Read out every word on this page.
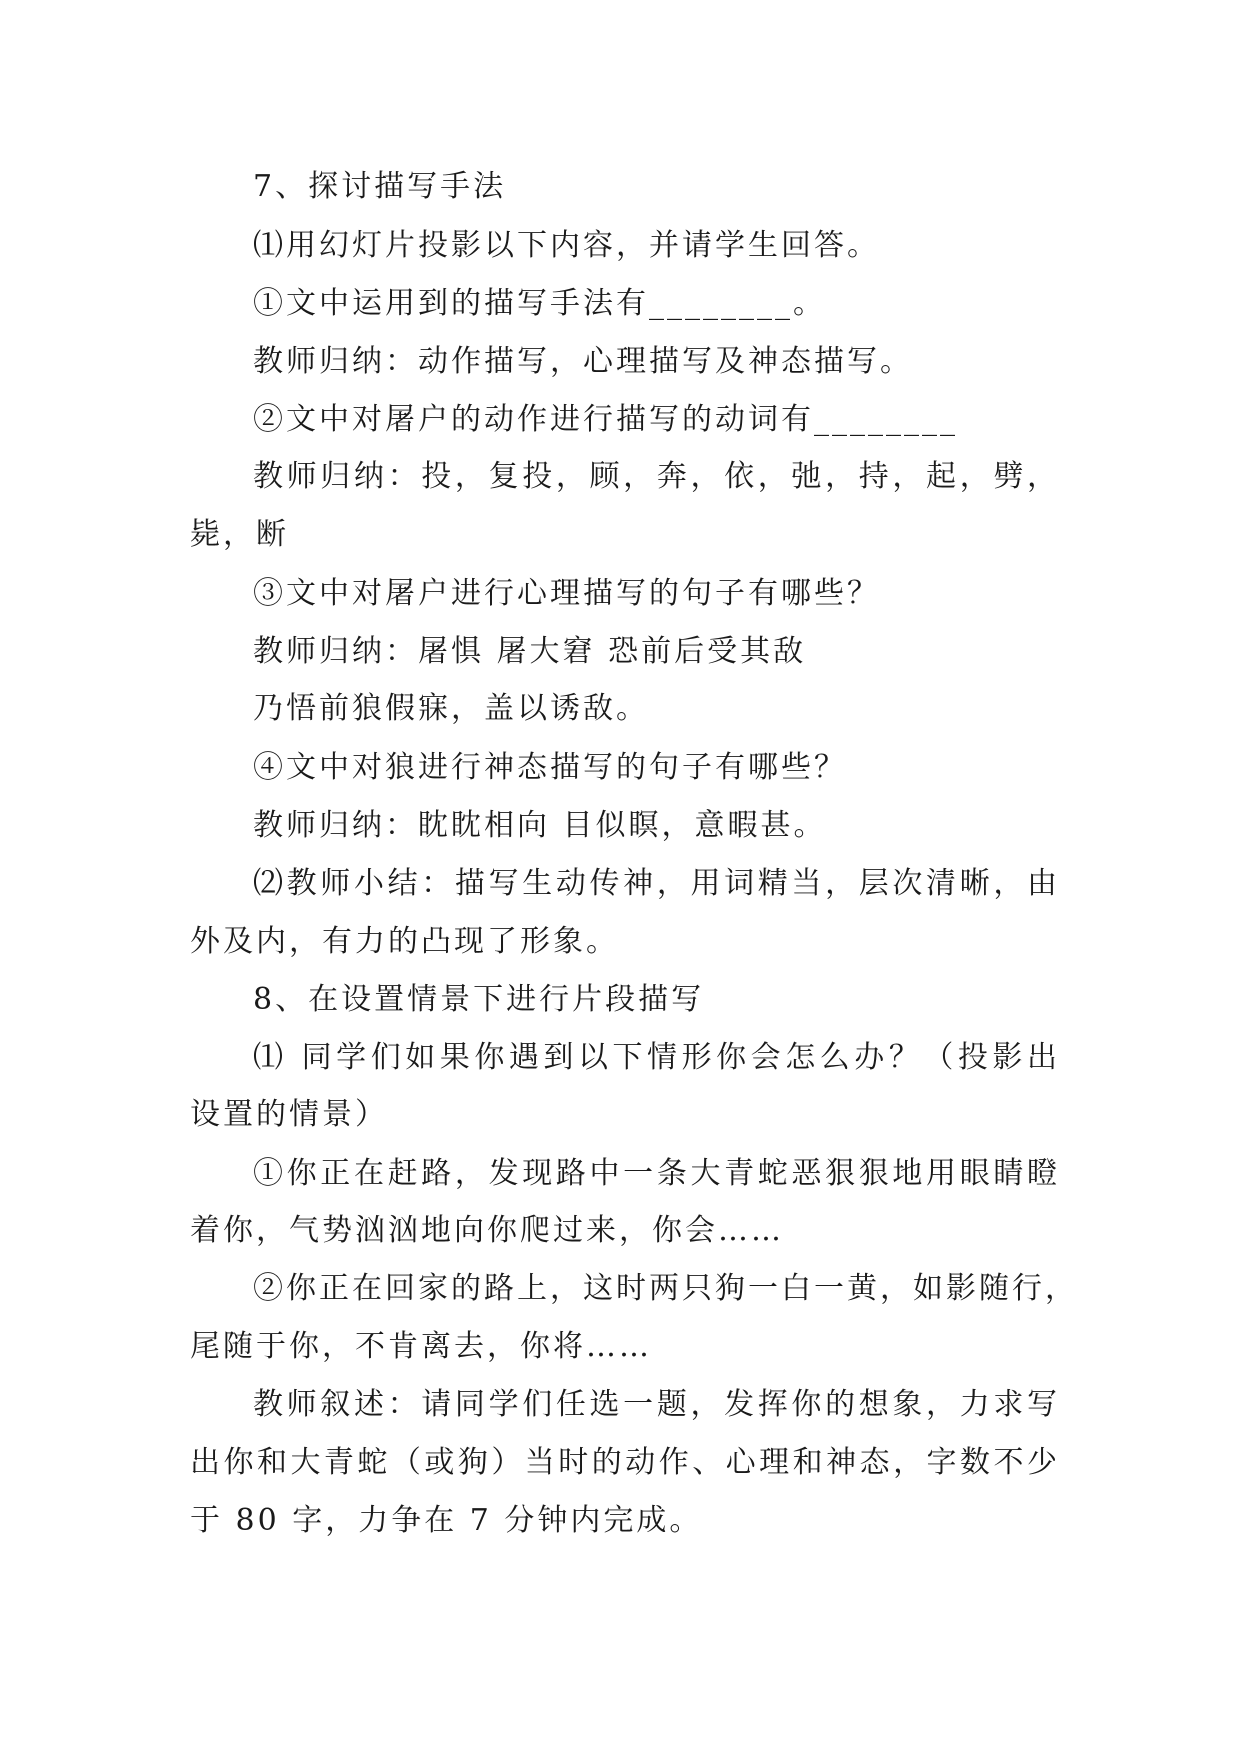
7、探讨描写手法
⑴用幻灯片投影以下内容，并请学生回答。
①文中运用到的描写手法有________。
教师归纳：动作描写，心理描写及神态描写。
②文中对屠户的动作进行描写的动词有________
教师归纳：投，复投，顾，奔，依，弛，持，起，劈，
毙，断
③文中对屠户进行心理描写的句子有哪些？
教师归纳：屠惧 屠大窘 恐前后受其敌
乃悟前狼假寐，盖以诱敌。
④文中对狼进行神态描写的句子有哪些？
教师归纳：眈眈相向 目似瞑，意暇甚。
⑵教师小结：描写生动传神，用词精当，层次清晰，由
外及内，有力的凸现了形象。
8、在设置情景下进行片段描写
⑴ 同学们如果你遇到以下情形你会怎么办？（投影出
设置的情景）
①你正在赶路，发现路中一条大青蛇恶狠狠地用眼睛瞪
着你，气势汹汹地向你爬过来，你会……
②你正在回家的路上，这时两只狗一白一黄，如影随行，
尾随于你，不肯离去，你将……
教师叙述：请同学们任选一题，发挥你的想象，力求写
出你和大青蛇（或狗）当时的动作、心理和神态，字数不少
于 80 字，力争在 7 分钟内完成。
